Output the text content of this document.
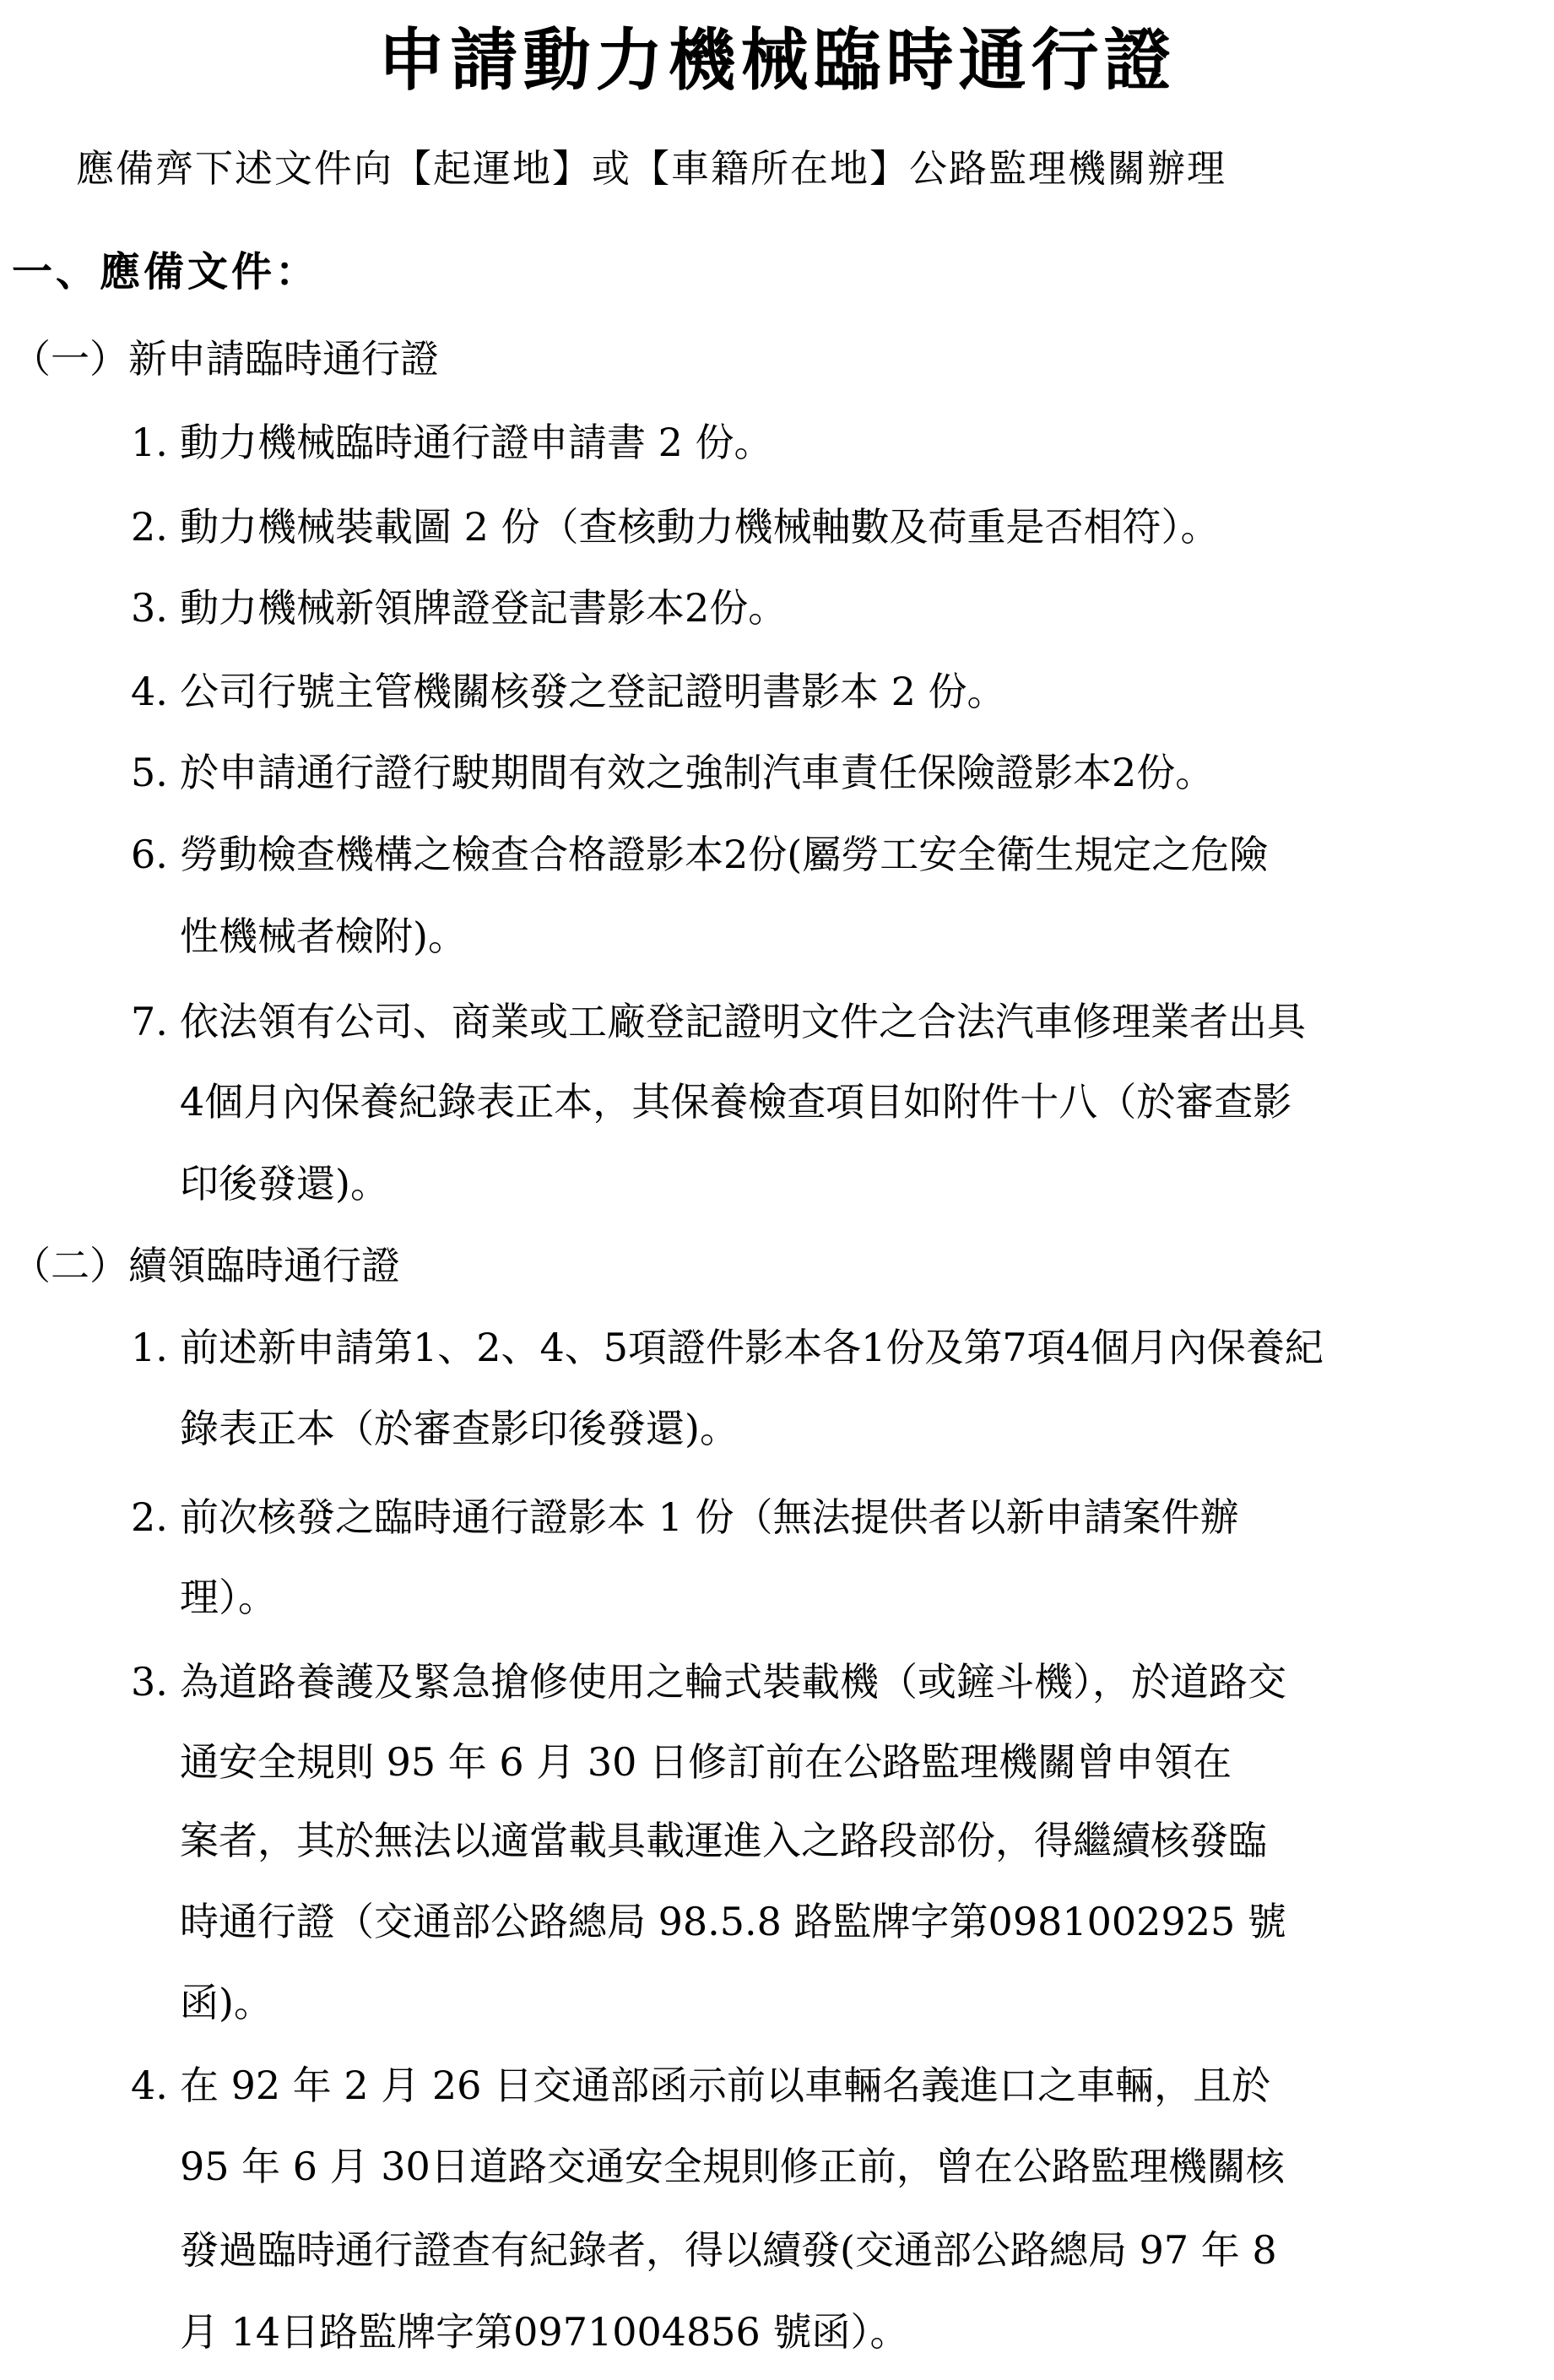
申請動力機械臨時通行證
應備齊下述文件向【起運地】或【車籍所在地】公路監理機關辦理
一、應備文件：
（一）新申請臨時通行證
1. 動力機械臨時通行證申請書 2 份。
2. 動力機械裝載圖 2 份（查核動力機械軸數及荷重是否相符）。
3. 動力機械新領牌證登記書影本2份。
4. 公司行號主管機關核發之登記證明書影本 2 份。
5. 於申請通行證行駛期間有效之強制汽車責任保險證影本2份。
6. 勞動檢查機構之檢查合格證影本2份(屬勞工安全衛生規定之危險
性機械者檢附)。
7. 依法領有公司、商業或工廠登記證明文件之合法汽車修理業者出具
4個月內保養紀錄表正本，其保養檢查項目如附件十八（於審查影
印後發還)。
（二）續領臨時通行證
1. 前述新申請第1、2、4、5項證件影本各1份及第7項4個月內保養紀
錄表正本（於審查影印後發還)。
2. 前次核發之臨時通行證影本 1 份（無法提供者以新申請案件辦
理）。
3. 為道路養護及緊急搶修使用之輪式裝載機（或鏟斗機），於道路交
通安全規則 95 年 6 月 30 日修訂前在公路監理機關曾申領在
案者，其於無法以適當載具載運進入之路段部份，得繼續核發臨
時通行證（交通部公路總局 98.5.8 路監牌字第0981002925 號
函)。
4. 在 92 年 2 月 26 日交通部函示前以車輛名義進口之車輛，且於
95 年 6 月 30日道路交通安全規則修正前，曾在公路監理機關核
發過臨時通行證查有紀錄者，得以續發(交通部公路總局 97 年 8
月 14日路監牌字第0971004856 號函）。
